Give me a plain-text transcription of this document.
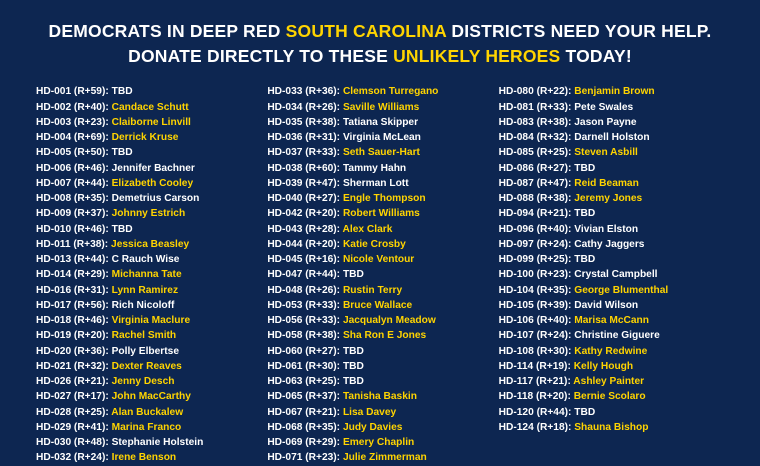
DEMOCRATS IN DEEP RED SOUTH CAROLINA DISTRICTS NEED YOUR HELP.
DONATE DIRECTLY TO THESE UNLIKELY HEROES TODAY!
HD-001 (R+59): TBD
HD-002 (R+40): Candace Schutt
HD-003 (R+23): Claiborne Linvill
HD-004 (R+69): Derrick Kruse
HD-005 (R+50): TBD
HD-006 (R+46): Jennifer Bachner
HD-007 (R+44): Elizabeth Cooley
HD-008 (R+35): Demetrius Carson
HD-009 (R+37): Johnny Estrich
HD-010 (R+46): TBD
HD-011 (R+38): Jessica Beasley
HD-013 (R+44): C Rauch Wise
HD-014 (R+29): Michanna Tate
HD-016 (R+31): Lynn Ramirez
HD-017 (R+56): Rich Nicoloff
HD-018 (R+46): Virginia Maclure
HD-019 (R+20): Rachel Smith
HD-020 (R+36): Polly Elbertse
HD-021 (R+32): Dexter Reaves
HD-026 (R+21): Jenny Desch
HD-027 (R+17): John MacCarthy
HD-028 (R+25): Alan Buckalew
HD-029 (R+41): Marina Franco
HD-030 (R+48): Stephanie Holstein
HD-032 (R+24): Irene Benson
HD-033 (R+36): Clemson Turregano
HD-034 (R+26): Saville Williams
HD-035 (R+38): Tatiana Skipper
HD-036 (R+31): Virginia McLean
HD-037 (R+33): Seth Sauer-Hart
HD-038 (R+60): Tammy Hahn
HD-039 (R+47): Sherman Lott
HD-040 (R+27): Engle Thompson
HD-042 (R+20): Robert Williams
HD-043 (R+28): Alex Clark
HD-044 (R+20): Katie Crosby
HD-045 (R+16): Nicole Ventour
HD-047 (R+44): TBD
HD-048 (R+26): Rustin Terry
HD-053 (R+33): Bruce Wallace
HD-056 (R+33): Jacqualyn Meadow
HD-058 (R+38): Sha Ron E Jones
HD-060 (R+27): TBD
HD-061 (R+30): TBD
HD-063 (R+25): TBD
HD-065 (R+37): Tanisha Baskin
HD-067 (R+21): Lisa Davey
HD-068 (R+35): Judy Davies
HD-069 (R+29): Emery Chaplin
HD-071 (R+23): Julie Zimmerman
HD-080 (R+22): Benjamin Brown
HD-081 (R+33): Pete Swales
HD-083 (R+38): Jason Payne
HD-084 (R+32): Darnell Holston
HD-085 (R+25): Steven Asbill
HD-086 (R+27): TBD
HD-087 (R+47): Reid Beaman
HD-088 (R+38): Jeremy Jones
HD-094 (R+21): TBD
HD-096 (R+40): Vivian Elston
HD-097 (R+24): Cathy Jaggers
HD-099 (R+25): TBD
HD-100 (R+23): Crystal Campbell
HD-104 (R+35): George Blumenthal
HD-105 (R+39): David Wilson
HD-106 (R+40): Marisa McCann
HD-107 (R+24): Christine Giguere
HD-108 (R+30): Kathy Redwine
HD-114 (R+19): Kelly Hough
HD-117 (R+21): Ashley Painter
HD-118 (R+20): Bernie Scolaro
HD-120 (R+44): TBD
HD-124 (R+18): Shauna Bishop
